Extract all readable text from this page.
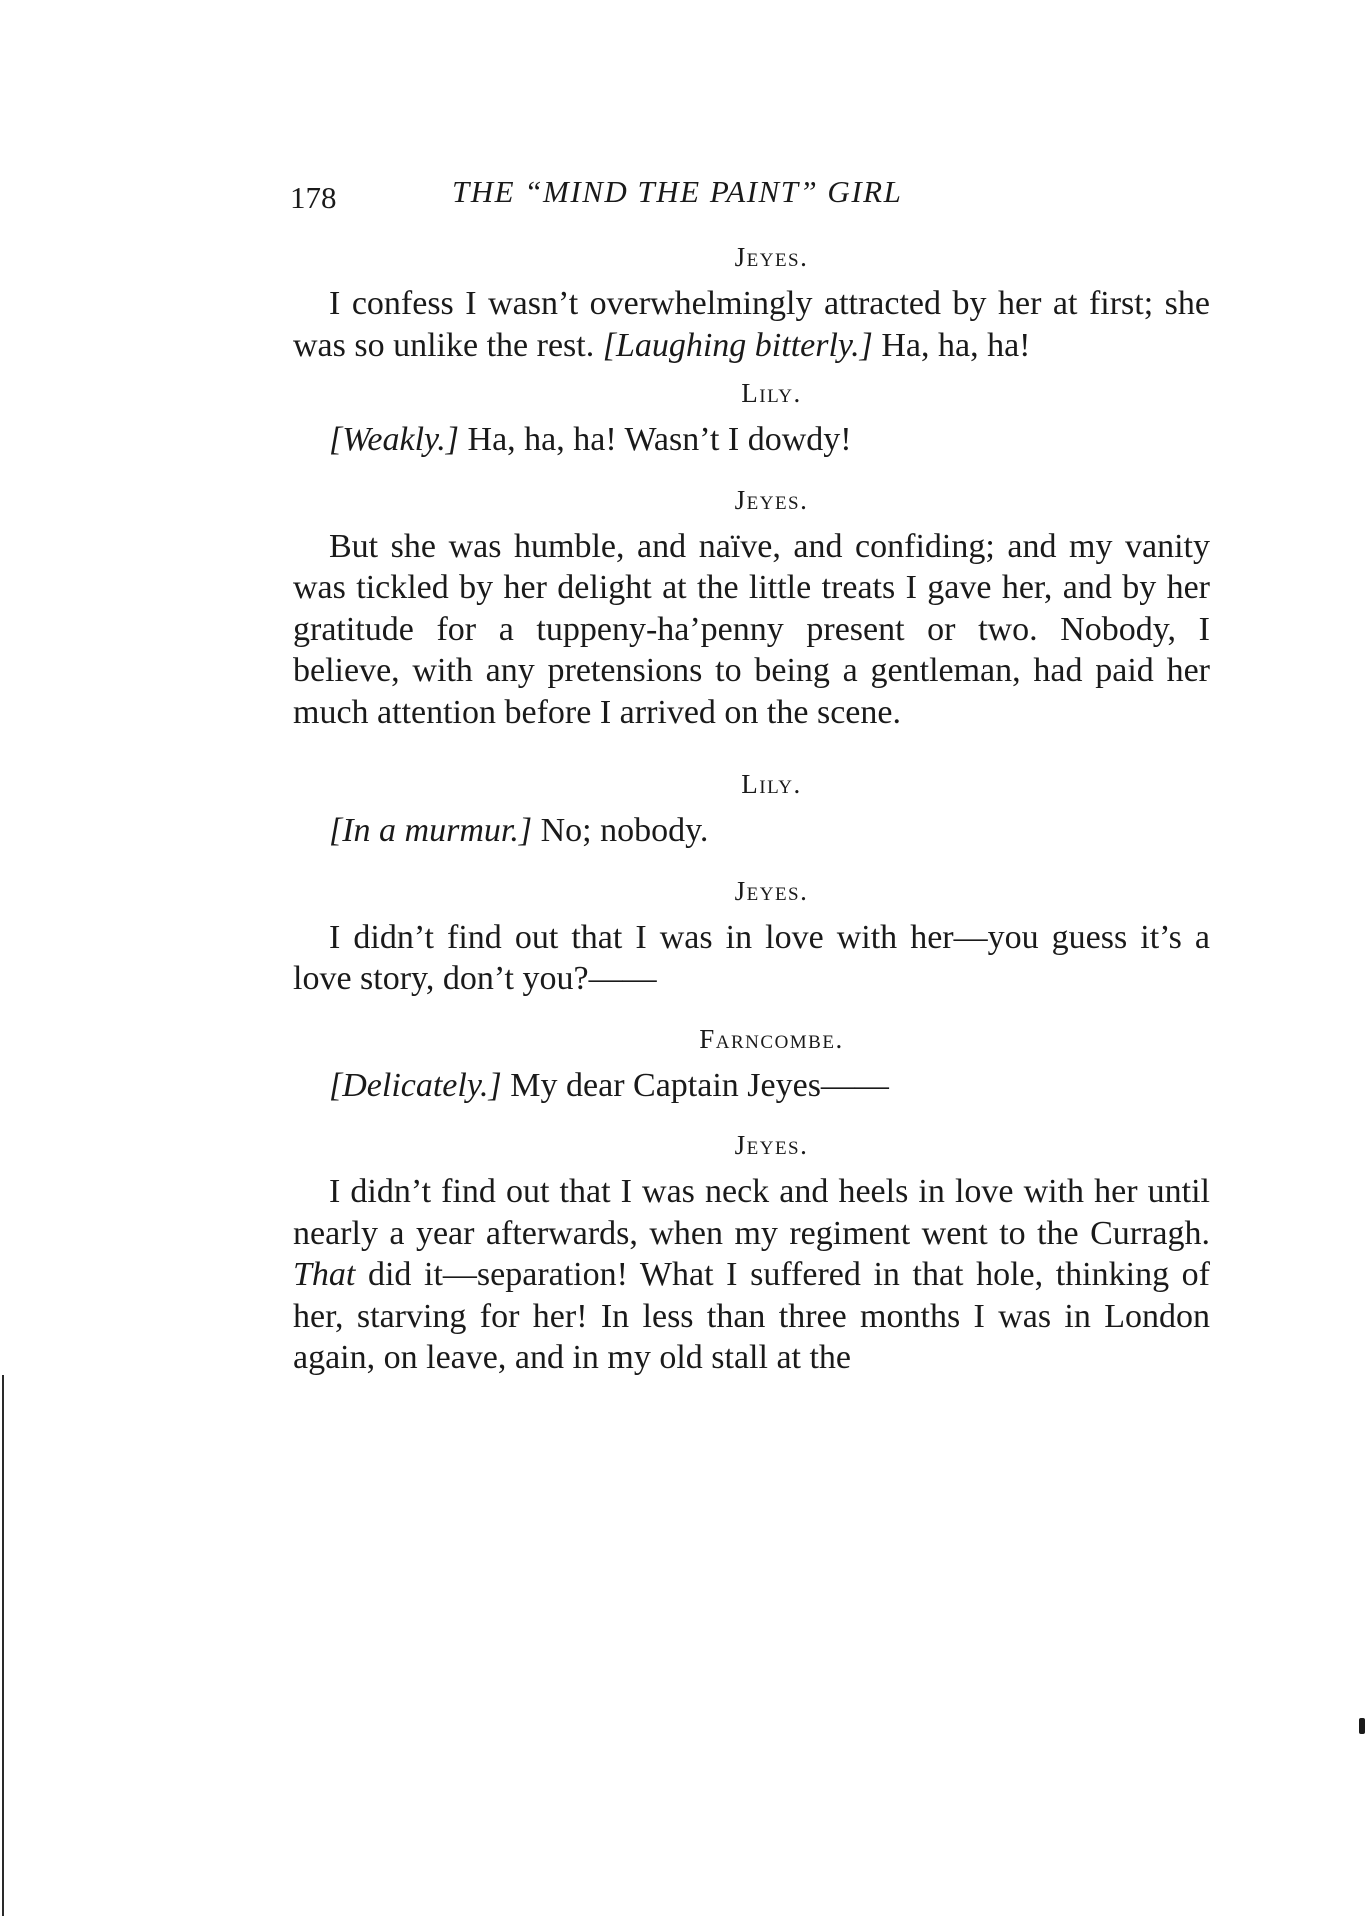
178	THE “MIND THE PAINT” GIRL

Jeyes.

I confess I wasn’t overwhelmingly attracted by her at first; she was so unlike the rest. [Laughing bitterly.] Ha, ha, ha!

Lily.

[Weakly.] Ha, ha, ha! Wasn’t I dowdy!

Jeyes.

But she was humble, and naïve, and confiding; and my vanity was tickled by her delight at the little treats I gave her, and by her gratitude for a tuppeny-ha’penny present or two. Nobody, I believe, with any pretensions to being a gentleman, had paid her much attention before I arrived on the scene.

Lily.

[In a murmur.] No; nobody.

Jeyes.

I didn’t find out that I was in love with her—you guess it’s a love story, don’t you?——

Farncombe.

[Delicately.] My dear Captain Jeyes——

Jeyes.

I didn’t find out that I was neck and heels in love with her until nearly a year afterwards, when my regiment went to the Curragh. That did it—separation! What I suffered in that hole, thinking of her, starving for her! In less than three months I was in London again, on leave, and in my old stall at the
